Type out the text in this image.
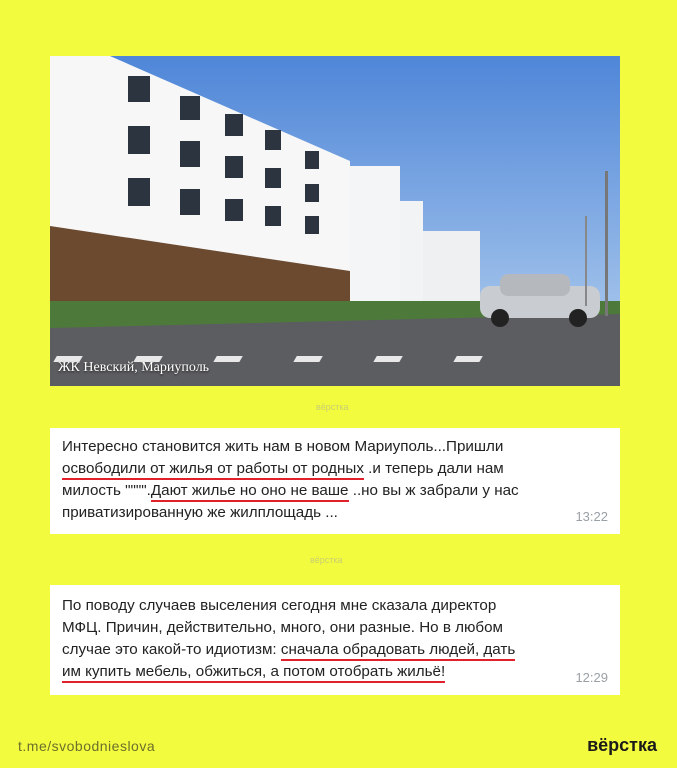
ЖК Невский, Мариуполь
вёрстка
Интересно становится жить нам в новом Мариуполь...Пришли
освободили от жилья от работы от родных .и теперь дали нам
милость """".Дают жилье но оно не ваше ..но вы ж забрали у нас
приватизированную же жилплощадь ...	13:22
вёрстка
По поводу случаев выселения сегодня мне сказала директор
МФЦ. Причин, действительно, много, они разные. Но в любом
случае это какой-то идиотизм: сначала обрадовать людей, дать
им купить мебель, обжиться, а потом отобрать жильё!	12:29
t.me/svobodnieslova	вёрстка
